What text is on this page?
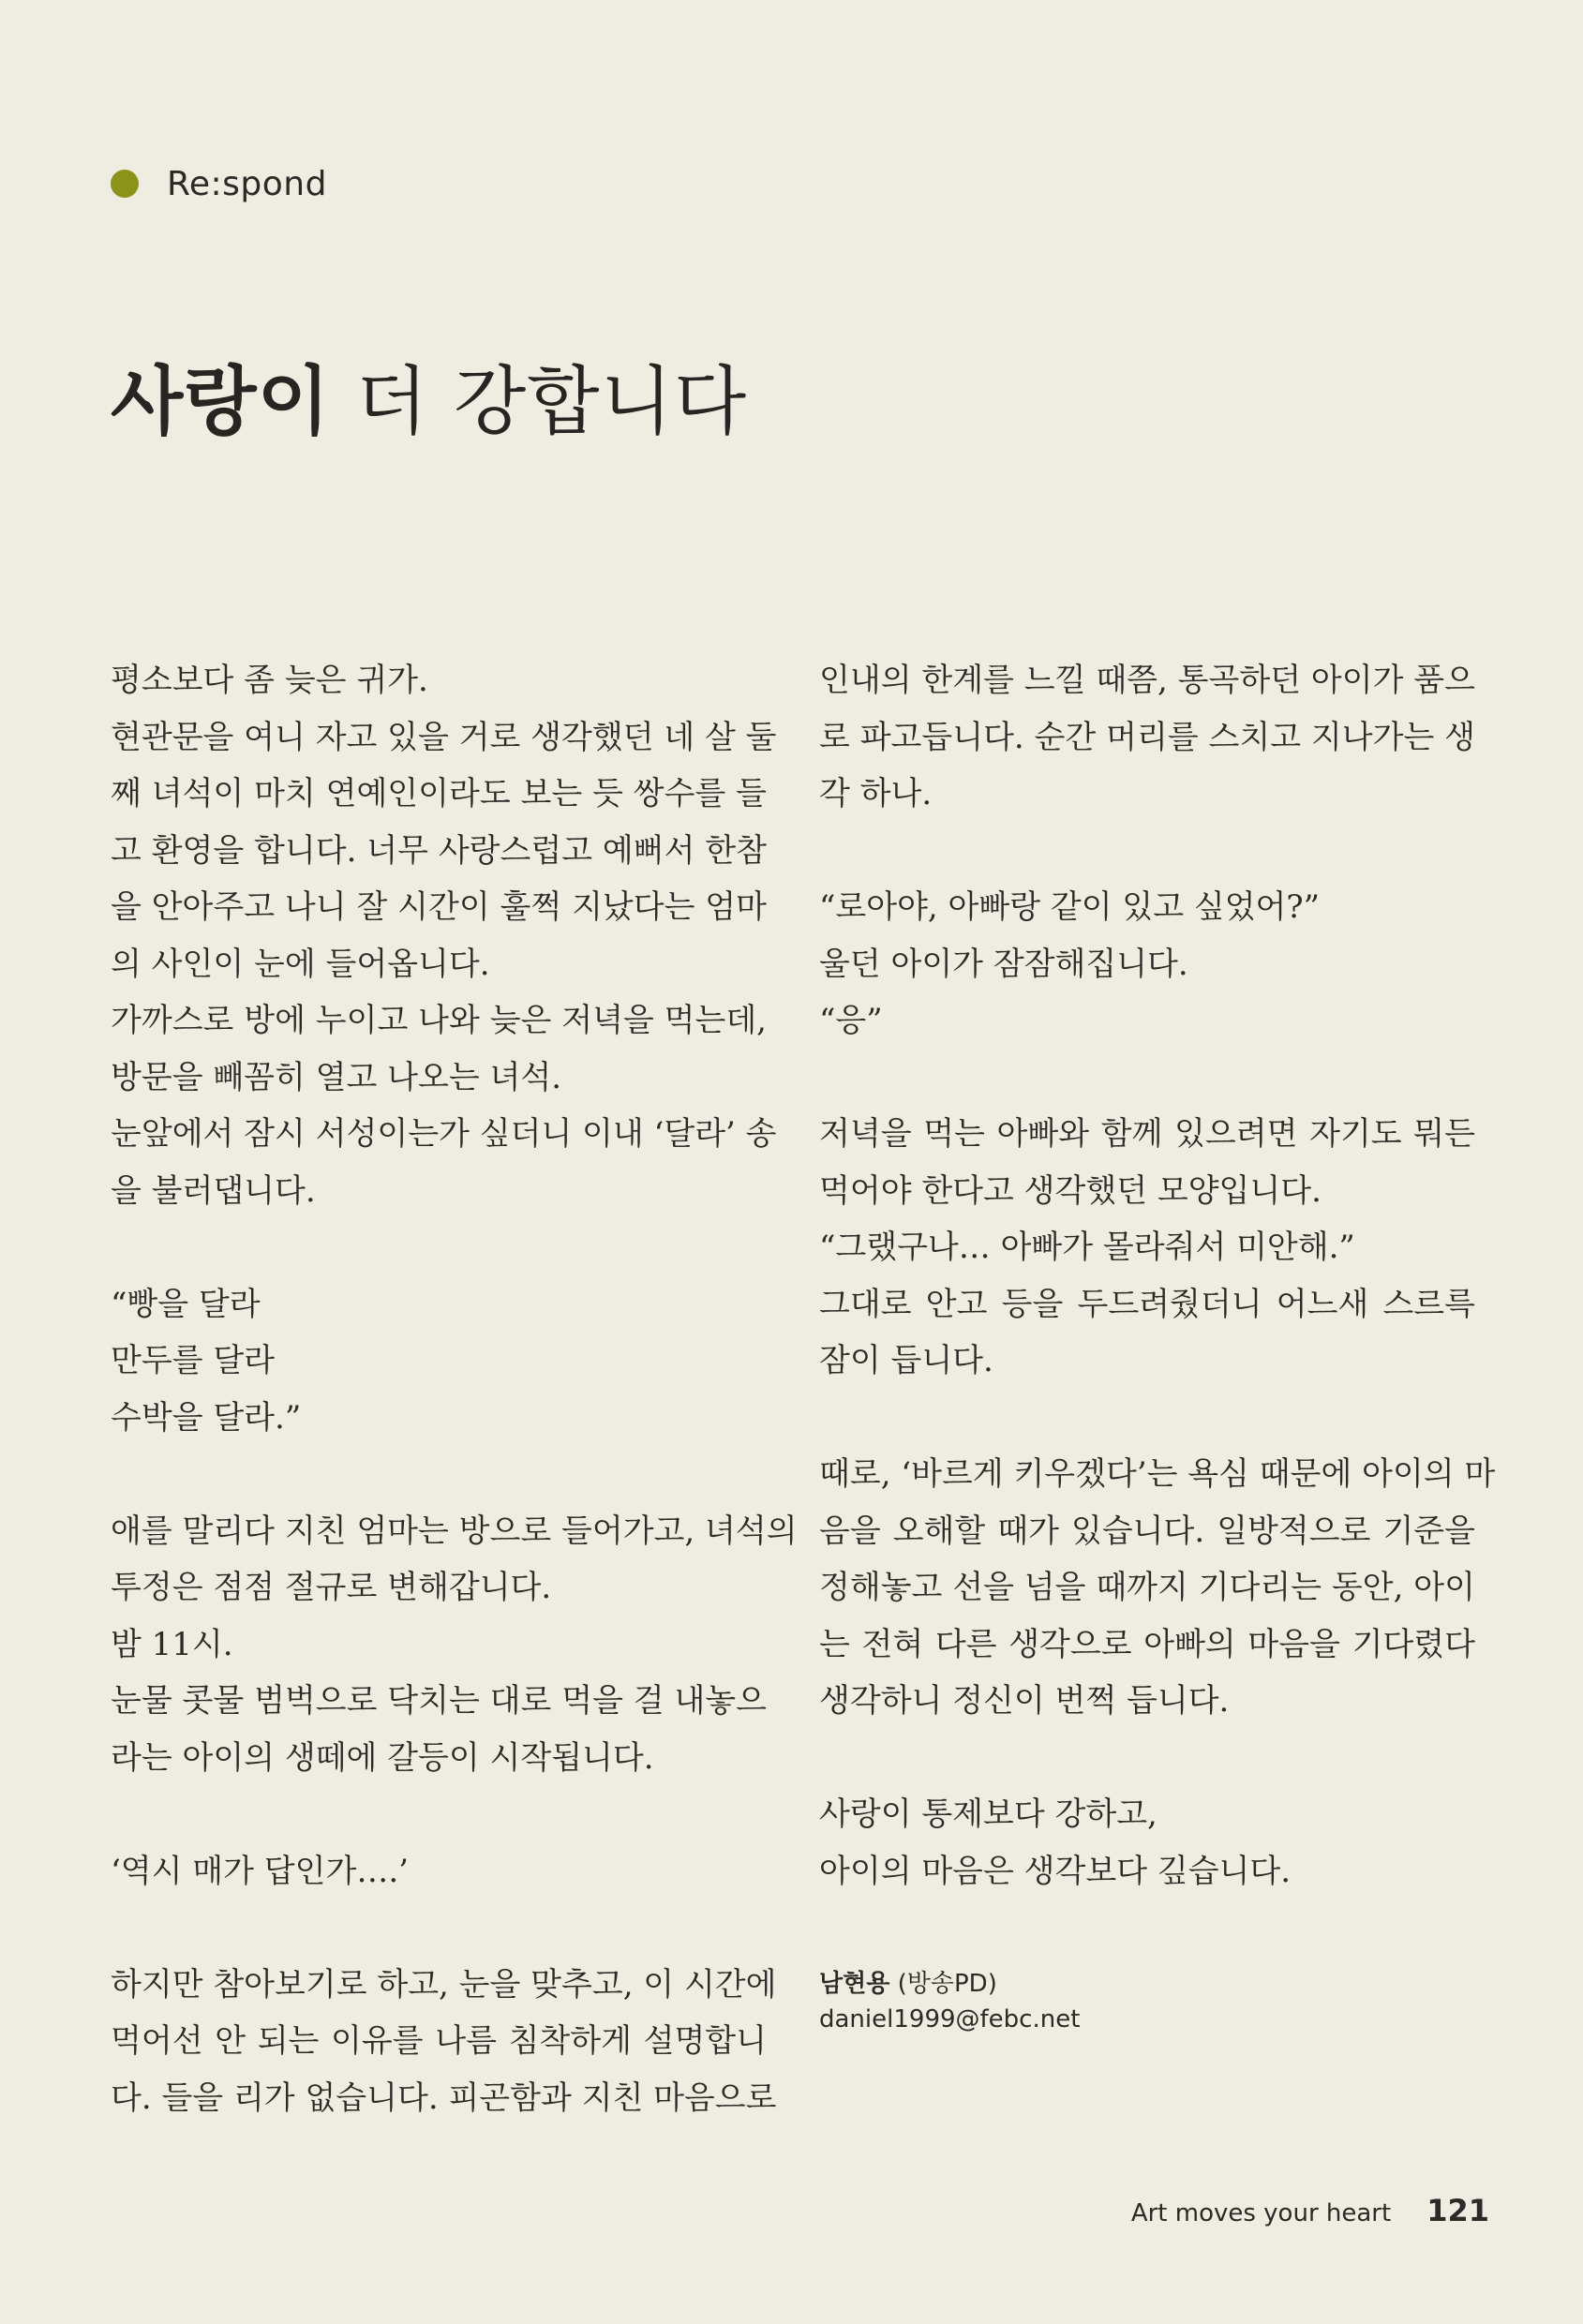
Re:spond
사랑이 더 강합니다

평소보다 좀 늦은 귀가.
현관문을 여니 자고 있을 거로 생각했던 네 살 둘
째 녀석이 마치 연예인이라도 보는 듯 쌍수를 들
고 환영을 합니다. 너무 사랑스럽고 예뻐서 한참
을 안아주고 나니 잘 시간이 훌쩍 지났다는 엄마
의 사인이 눈에 들어옵니다.
가까스로 방에 누이고 나와 늦은 저녁을 먹는데,
방문을 빼꼼히 열고 나오는 녀석.
눈앞에서 잠시 서성이는가 싶더니 이내 ‘달라’ 송
을 불러댑니다.

“빵을 달라
만두를 달라
수박을 달라.”

애를 말리다 지친 엄마는 방으로 들어가고, 녀석의
투정은 점점 절규로 변해갑니다.
밤 11시.
눈물 콧물 범벅으로 닥치는 대로 먹을 걸 내놓으
라는 아이의 생떼에 갈등이 시작됩니다.

‘역시 매가 답인가….’

하지만 참아보기로 하고, 눈을 맞추고, 이 시간에
먹어선 안 되는 이유를 나름 침착하게 설명합니
다. 들을 리가 없습니다. 피곤함과 지친 마음으로

인내의 한계를 느낄 때쯤, 통곡하던 아이가 품으
로 파고듭니다. 순간 머리를 스치고 지나가는 생
각 하나.

“로아야, 아빠랑 같이 있고 싶었어?”
울던 아이가 잠잠해집니다.
“응”

저녁을 먹는 아빠와 함께 있으려면 자기도 뭐든
먹어야 한다고 생각했던 모양입니다.
“그랬구나… 아빠가 몰라줘서 미안해.”
그대로 안고 등을 두드려줬더니 어느새 스르륵
잠이 듭니다.

때로, ‘바르게 키우겠다’는 욕심 때문에 아이의 마
음을 오해할 때가 있습니다. 일방적으로 기준을
정해놓고 선을 넘을 때까지 기다리는 동안, 아이
는 전혀 다른 생각으로 아빠의 마음을 기다렸다
생각하니 정신이 번쩍 듭니다.

사랑이 통제보다 강하고,
아이의 마음은 생각보다 깊습니다.

남현용 (방송PD)
daniel1999@febc.net
Art moves your heart 121
